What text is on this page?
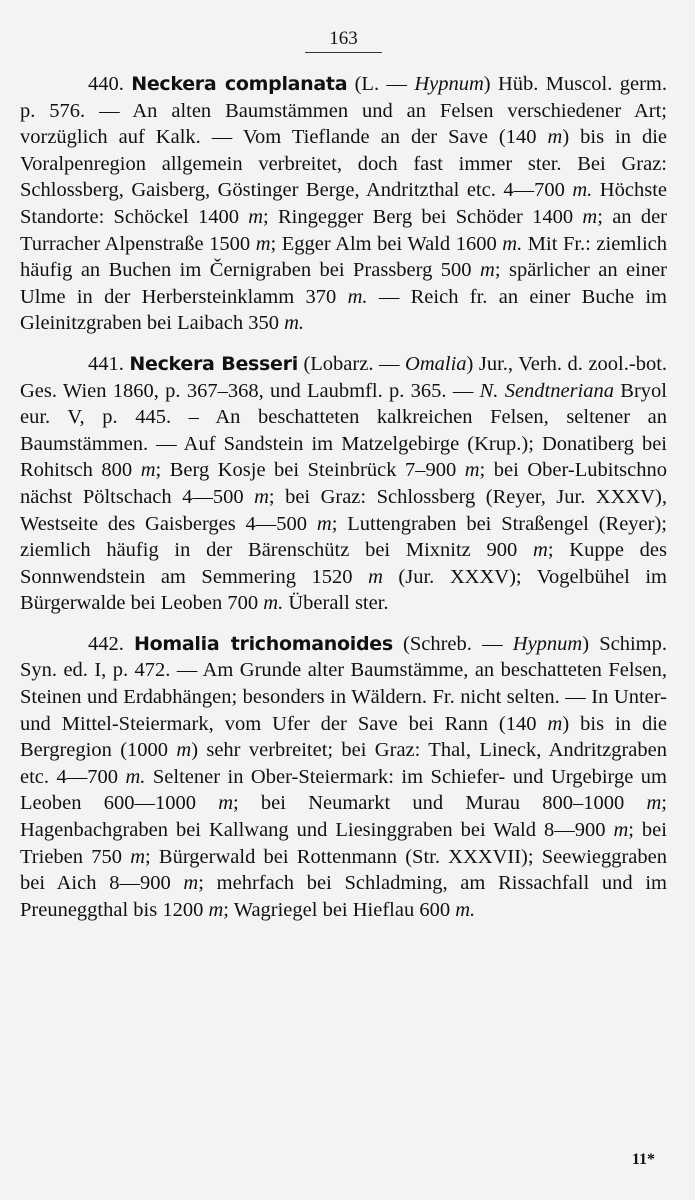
163

440. Neckera complanata (L. — Hypnum) Hüb. Muscol. germ. p. 576. — An alten Baumstämmen und an Felsen verschiedener Art; vorzüglich auf Kalk. — Vom Tieflande an der Save (140 m) bis in die Voralpenregion allgemein verbreitet, doch fast immer ster. Bei Graz: Schlossberg, Gaisberg, Göstinger Berge, Andritzthal etc. 4—700 m. Höchste Standorte: Schöckel 1400 m; Ringegger Berg bei Schöder 1400 m; an der Turracher Alpenstraße 1500 m; Egger Alm bei Wald 1600 m. Mit Fr.: ziemlich häufig an Buchen im Černigraben bei Prassberg 500 m; spärlicher an einer Ulme in der Herbersteinklamm 370 m. — Reich fr. an einer Buche im Gleinitzgraben bei Laibach 350 m.

441. Neckera Besseri (Lobarz. — Omalia) Jur., Verh. d. zool.-bot. Ges. Wien 1860, p. 367–368, und Laubmfl. p. 365. — N. Sendtneriana Bryol eur. V, p. 445. – An beschatteten kalkreichen Felsen, seltener an Baumstämmen. — Auf Sandstein im Matzelgebirge (Krup.); Donatiberg bei Rohitsch 800 m; Berg Kosje bei Steinbrück 7–900 m; bei Ober-Lubitschno nächst Pöltschach 4—500 m; bei Graz: Schlossberg (Reyer, Jur. XXXV), Westseite des Gaisberges 4—500 m; Luttengraben bei Straßengel (Reyer); ziemlich häufig in der Bärenschütz bei Mixnitz 900 m; Kuppe des Sonnwendstein am Semmering 1520 m (Jur. XXXV); Vogelbühel im Bürgerwalde bei Leoben 700 m. Überall ster.

442. Homalia trichomanoides (Schreb. — Hypnum) Schimp. Syn. ed. I, p. 472. — Am Grunde alter Baumstämme, an beschatteten Felsen, Steinen und Erdabhängen; besonders in Wäldern. Fr. nicht selten. — In Unter- und Mittel-Steiermark, vom Ufer der Save bei Rann (140 m) bis in die Bergregion (1000 m) sehr verbreitet; bei Graz: Thal, Lineck, Andritzgraben etc. 4—700 m. Seltener in Ober-Steiermark: im Schiefer- und Urgebirge um Leoben 600—1000 m; bei Neumarkt und Murau 800–1000 m; Hagenbachgraben bei Kallwang und Liesinggraben bei Wald 8—900 m; bei Trieben 750 m; Bürgerwald bei Rottenmann (Str. XXXVII); Seewieggraben bei Aich 8—900 m; mehrfach bei Schladming, am Rissachfall und im Preuneggthal bis 1200 m; Wagriegel bei Hieflau 600 m.

11*
